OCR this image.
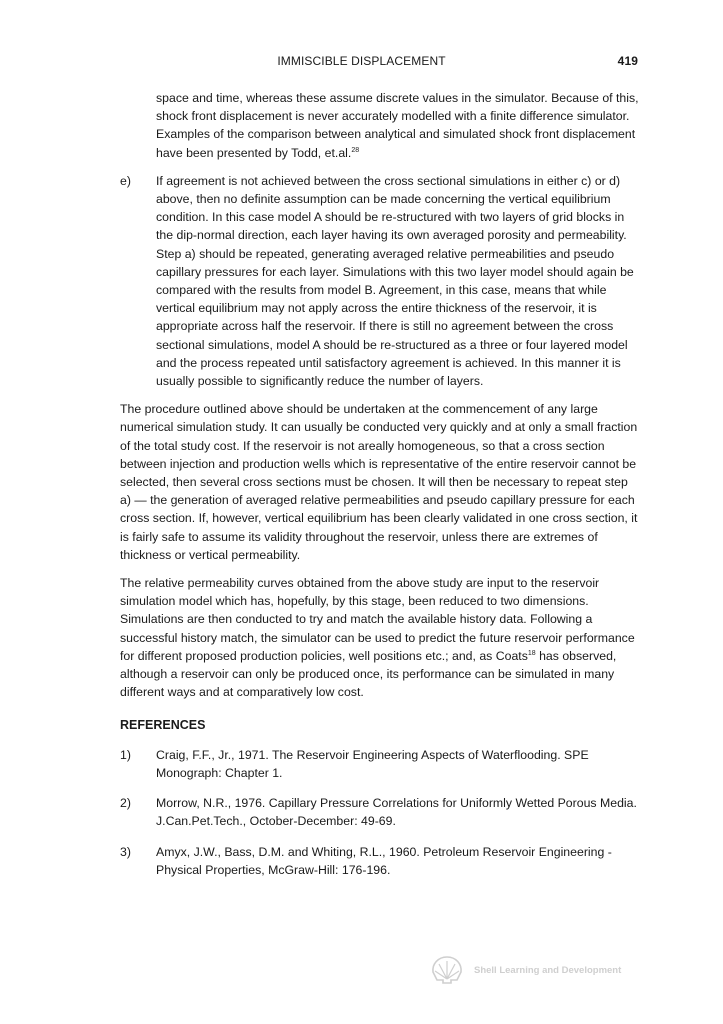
IMMISCIBLE DISPLACEMENT	419

space and time, whereas these assume discrete values in the simulator. Because of this, shock front displacement is never accurately modelled with a finite difference simulator. Examples of the comparison between analytical and simulated shock front displacement have been presented by Todd, et.al.$^{28}$

e)	If agreement is not achieved between the cross sectional simulations in either c) or d) above, then no definite assumption can be made concerning the vertical equilibrium condition. In this case model A should be re-structured with two layers of grid blocks in the dip-normal direction, each layer having its own averaged porosity and permeability. Step a) should be repeated, generating averaged relative permeabilities and pseudo capillary pressures for each layer. Simulations with this two layer model should again be compared with the results from model B. Agreement, in this case, means that while vertical equilibrium may not apply across the entire thickness of the reservoir, it is appropriate across half the reservoir. If there is still no agreement between the cross sectional simulations, model A should be re-structured as a three or four layered model and the process repeated until satisfactory agreement is achieved. In this manner it is usually possible to significantly reduce the number of layers.

The procedure outlined above should be undertaken at the commencement of any large numerical simulation study. It can usually be conducted very quickly and at only a small fraction of the total study cost. If the reservoir is not areally homogeneous, so that a cross section between injection and production wells which is representative of the entire reservoir cannot be selected, then several cross sections must be chosen. It will then be necessary to repeat step a) — the generation of averaged relative permeabilities and pseudo capillary pressure for each cross section. If, however, vertical equilibrium has been clearly validated in one cross section, it is fairly safe to assume its validity throughout the reservoir, unless there are extremes of thickness or vertical permeability.

The relative permeability curves obtained from the above study are input to the reservoir simulation model which has, hopefully, by this stage, been reduced to two dimensions. Simulations are then conducted to try and match the available history data. Following a successful history match, the simulator can be used to predict the future reservoir performance for different proposed production policies, well positions etc.; and, as Coats$^{18}$ has observed, although a reservoir can only be produced once, its performance can be simulated in many different ways and at comparatively low cost.

REFERENCES
1)	Craig, F.F., Jr., 1971. The Reservoir Engineering Aspects of Waterflooding. SPE Monograph: Chapter 1.
2)	Morrow, N.R., 1976. Capillary Pressure Correlations for Uniformly Wetted Porous Media. J.Can.Pet.Tech., October-December: 49-69.
3)	Amyx, J.W., Bass, D.M. and Whiting, R.L., 1960. Petroleum Reservoir Engineering - Physical Properties, McGraw-Hill: 176-196.
Shell Learning and Development
